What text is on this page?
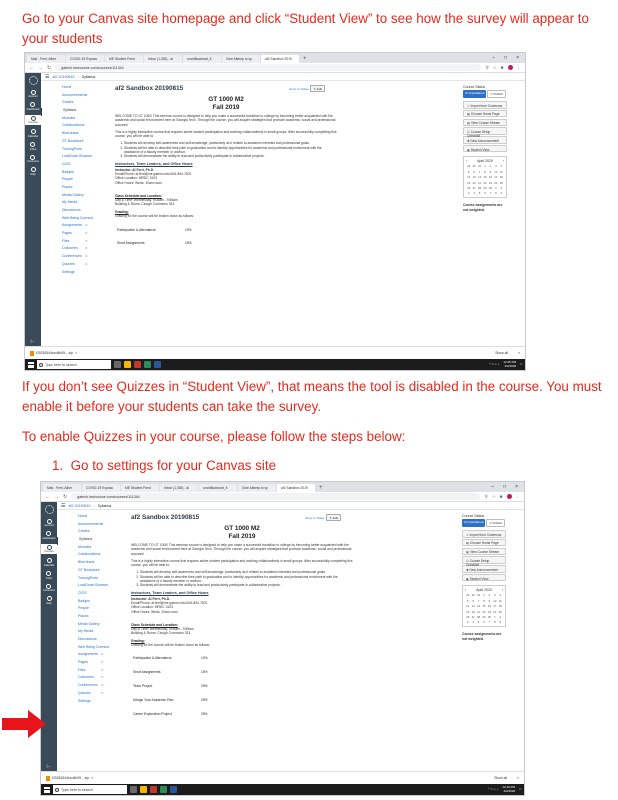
Go to your Canvas site homepage and click “Student View” to see how the survey will appear to your students
Mail - Ferri, Alber	COVID-19 Exposu	ME Student Feed	Inbox (1,036) - al	covidflowchart_fi	Give Attemp to sy	af2 Sandbox 2019	+	– □ ×
← → ↻	gatech.instructure.com/courses/111344	⚲ ☆ ■	⋮
Account
Dashboard
Courses
Calendar
Inbox
Commons
Help
|←
☰ af2 20190815 › Syllabus
Home
Announcements
Grades
Syllabus
Modules
Collaborations
BlueJeans
GT Bookstore
TurningPoint
LockDown Browser
CIOS
Badges
People
Piazza
Media Gallery
My Media
Discussions
Web Being Connect
Assignments ⊘
Pages	⊘
Files	⊘
Outcomes ⊘
Conferences ⊘
Quizzes	⊘
Settings
af2 Sandbox 20190815	Jump to Today	✎ Edit
GT 1000 M2
Fall 2019
WELCOME TO GT 1000! This seminar course is designed to help you make a successful transition to college by becoming better acquainted with the academic and social environment here at Georgia Tech. Through the course, you will acquire strategies that promote academic, social and professional success!
This is a highly interactive course that requires active student participation and working collaboratively in small groups. After successfully completing this course, you will be able to:
1. Students will develop self-awareness and self-knowledge, particularly as it relates to academic interests and professional goals.
2. Students will be able to describe their path to graduation and to identify opportunities for academic and professional enrichment with the assistance of a faculty member or advisor.
3. Students will demonstrate the ability to lead and productively participate in collaborative projects.
Instructors, Team Leaders, and Office Hours
Instructor: Al Ferri, Ph.D.
Email/Phone: al.ferri@me.gatech.edu/404-894-7502
Office Location: MRDC 3103
Office Hours: Weds, 10am-noon
Class Schedule and Location:
Day & Time: Wednesday, 9:05am - 9:55am
Building & Room: Clough Commons 323
Grading:
Grading for the course will be broken down as follows:
Participation & Attendance	10%
Short Assignments	15%
Course Status
⊘ Unpublished	✔ Publish
⇩ Import from Commons
▤ Choose Home Page
▤ View Course Stream
☑ Course Setup Checklist
✚ New Announcement
◉ Student View
‹	April 2020	›
29 30 31	1	2	3	4
5	6	7	8	9	10 11
12 13 14 15 16 17 18
19 20 21 22 23 24 25
26 27 28 29 30	1	2
3	4	5	6	7	8	9
Course assignments are not weighted.
f25281544ecd4b05....zip ˄	Show all	×
Type here to search	⌃ □ ♨ ♪ 12:25 PM
4/2/2020 □
If you don’t see Quizzes in “Student View”, that means the tool is disabled in the course. You must enable it before your students can take the survey.
To enable Quizzes in your course, please follow the steps below:
1. Go to settings for your Canvas site
Mail - Ferri, Alber	COVID-19 Exposu	ME Student Feed	Inbox (1,036) - al	covidflowchart_fi	Give Attemp to sy	af2 Sandbox 2019	+	– □ ×
← → ↻	gatech.instructure.com/courses/111344	⚲ ☆ ■	⋮
Account
Dashboard
Courses
Calendar
Inbox
Commons
Help
|←
☰ af2 20190815 › Syllabus
Home
Announcements
Grades
Syllabus
Modules
Collaborations
BlueJeans
GT Bookstore
TurningPoint
LockDown Browser
CIOS
Badges
People
Piazza
Media Gallery
My Media
Discussions
Web Being Connect
Assignments ⊘
Pages	⊘
Files	⊘
Outcomes ⊘
Conferences ⊘
Quizzes	⊘
Settings
af2 Sandbox 20190815	Jump to Today	✎ Edit
GT 1000 M2
Fall 2019
WELCOME TO GT 1000! This seminar course is designed to help you make a successful transition to college by becoming better acquainted with the academic and social environment here at Georgia Tech. Through the course, you will acquire strategies that promote academic, social and professional success!
This is a highly interactive course that requires active student participation and working collaboratively in small groups. After successfully completing this course, you will be able to:
1. Students will develop self-awareness and self-knowledge, particularly as it relates to academic interests and professional goals.
2. Students will be able to describe their path to graduation and to identify opportunities for academic and professional enrichment with the assistance of a faculty member or advisor.
3. Students will demonstrate the ability to lead and productively participate in collaborative projects.
Instructors, Team Leaders, and Office Hours
Instructor: Al Ferri, Ph.D.
Email/Phone: al.ferri@me.gatech.edu/404-894-7502
Office Location: MRDC 3103
Office Hours: Weds, 10am-noon
Class Schedule and Location:
Day & Time: Wednesday, 9:05am - 9:55am
Building & Room: Clough Commons 323
Grading:
Grading for the course will be broken down as follows:
Participation & Attendance	10%
Short Assignments	15%
Team Project	25%
Design Your Academic Plan	25%
Career Exploration Project	25%
Course Status
⊘ Unpublished	✔ Publish
⇩ Import from Commons
▤ Choose Home Page
▤ View Course Stream
☑ Course Setup Checklist
✚ New Announcement
◉ Student View
‹	April 2020	›
29 30 31	1	2	3	4
5	6	7	8	9	10 11
12 13 14 15 16 17 18
19 20 21 22 23 24 25
26 27 28 29 30	1	2
3	4	5	6	7	8	9
Course assignments are not weighted.
f25281544ecd4b05....zip ˄	Show all	×
Type here to search	⌃ □ ♨ ♪ 12:16 PM
4/2/2020 □
